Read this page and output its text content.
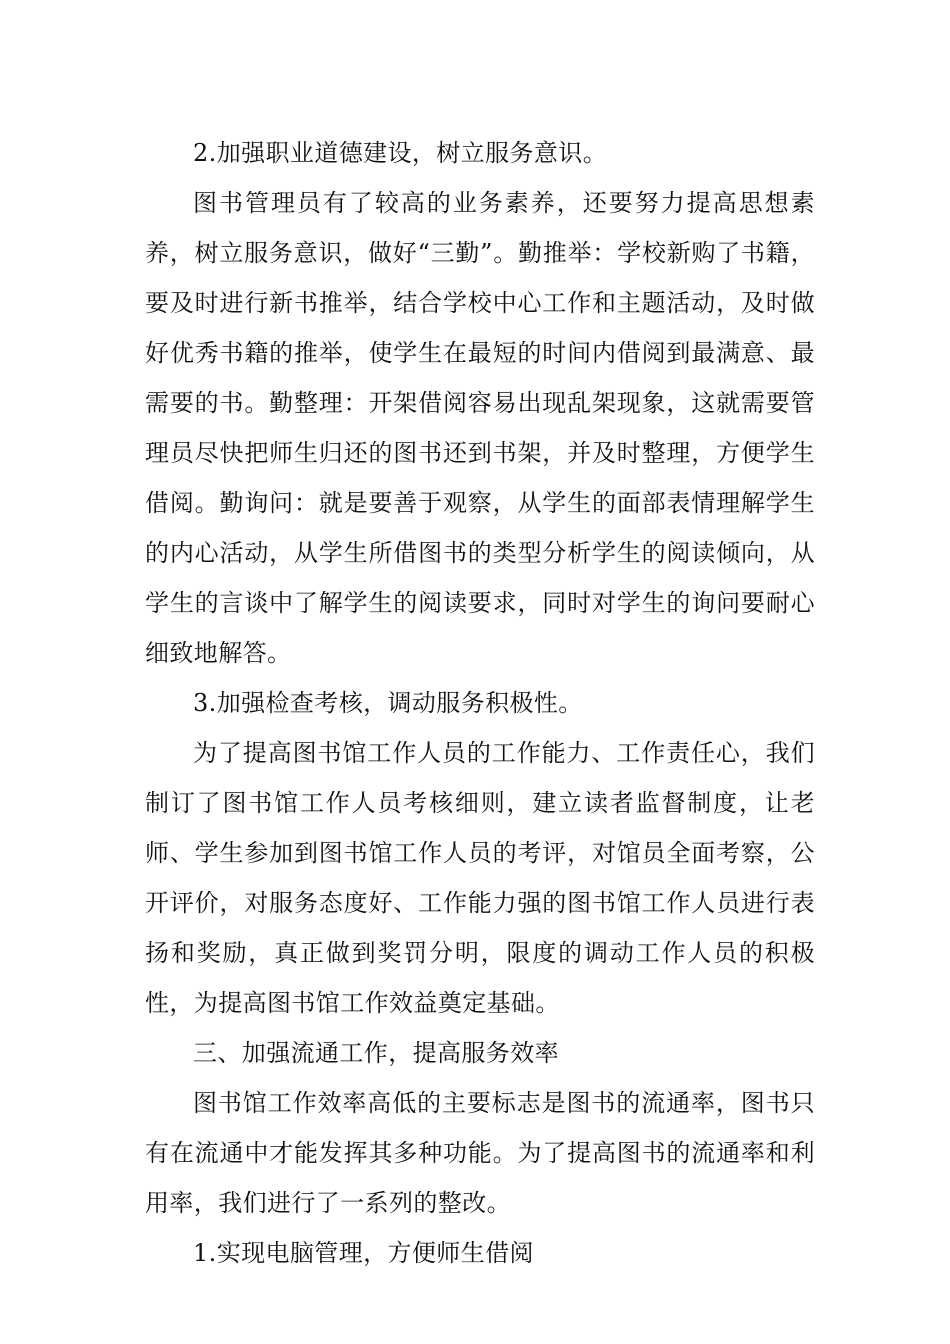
2.加强职业道德建设，树立服务意识。

图书管理员有了较高的业务素养，还要努力提高思想素养，树立服务意识，做好“三勤”。勤推举：学校新购了书籍，要及时进行新书推举，结合学校中心工作和主题活动，及时做好优秀书籍的推举，使学生在最短的时间内借阅到最满意、最需要的书。勤整理：开架借阅容易出现乱架现象，这就需要管理员尽快把师生归还的图书还到书架，并及时整理，方便学生借阅。勤询问：就是要善于观察，从学生的面部表情理解学生的内心活动，从学生所借图书的类型分析学生的阅读倾向，从学生的言谈中了解学生的阅读要求，同时对学生的询问要耐心细致地解答。

3.加强检查考核，调动服务积极性。

为了提高图书馆工作人员的工作能力、工作责任心，我们制订了图书馆工作人员考核细则，建立读者监督制度，让老师、学生参加到图书馆工作人员的考评，对馆员全面考察，公开评价，对服务态度好、工作能力强的图书馆工作人员进行表扬和奖励，真正做到奖罚分明，限度的调动工作人员的积极性，为提高图书馆工作效益奠定基础。

三、加强流通工作，提高服务效率

图书馆工作效率高低的主要标志是图书的流通率，图书只有在流通中才能发挥其多种功能。为了提高图书的流通率和利用率，我们进行了一系列的整改。

1.实现电脑管理，方便师生借阅
